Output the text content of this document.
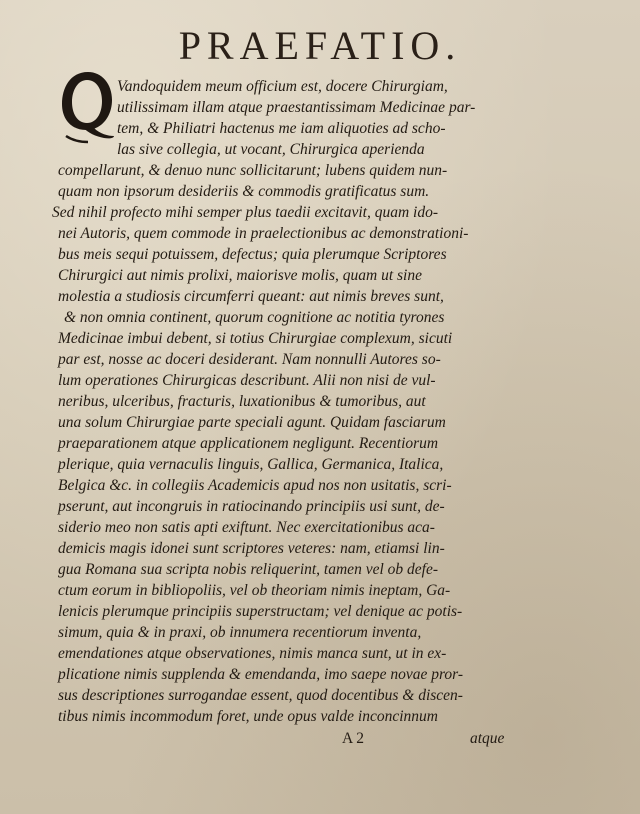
PRAEFATIO.
Vandoquidem meum officium est, docere Chirurgiam,
utilissimam illam atque praestantissimam Medicinae par-
tem, & Philiatri hactenus me iam aliquoties ad scho-
las sive collegia, ut vocant, Chirurgica aperienda
compellarunt, & denuo nunc sollicitarunt; lubens quidem nun-
quam non ipsorum desideriis & commodis gratificatus sum.
Sed nihil profecto mihi semper plus taedii excitavit, quam ido-
nei Autoris, quem commode in praelectionibus ac demonstrationi-
bus meis sequi potuissem, defectus; quia plerumque Scriptores
Chirurgici aut nimis prolixi, maiorisve molis, quam ut sine
molestia a studiosis circumferri queant: aut nimis breves sunt,
& non omnia continent, quorum cognitione ac notitia tyrones
Medicinae imbui debent, si totius Chirurgiae complexum, sicuti
par est, nosse ac doceri desiderant. Nam nonnulli Autores so-
lum operationes Chirurgicas describunt. Alii non nisi de vul-
neribus, ulceribus, fracturis, luxationibus & tumoribus, aut
una solum Chirurgiae parte speciali agunt. Quidam fasciarum
praeparationem atque applicationem negligunt. Recentiorum
plerique, quia vernaculis linguis, Gallica, Germanica, Italica,
Belgica &c. in collegiis Academicis apud nos non usitatis, scri-
pserunt, aut incongruis in ratiocinando principiis usi sunt, de-
siderio meo non satis apti exiftunt. Nec exercitationibus aca-
demicis magis idonei sunt scriptores veteres: nam, etiamsi lin-
gua Romana sua scripta nobis reliquerint, tamen vel ob defe-
ctum eorum in bibliopoliis, vel ob theoriam nimis ineptam, Ga-
lenicis plerumque principiis superstructam; vel denique ac potis-
simum, quia & in praxi, ob innumera recentiorum inventa,
emendationes atque observationes, nimis manca sunt, ut in ex-
plicatione nimis supplenda & emendanda, imo saepe novae pror-
sus descriptiones surrogandae essent, quod docentibus & discen-
tibus nimis incommodum foret, unde opus valde inconcinnum
A 2	atque
